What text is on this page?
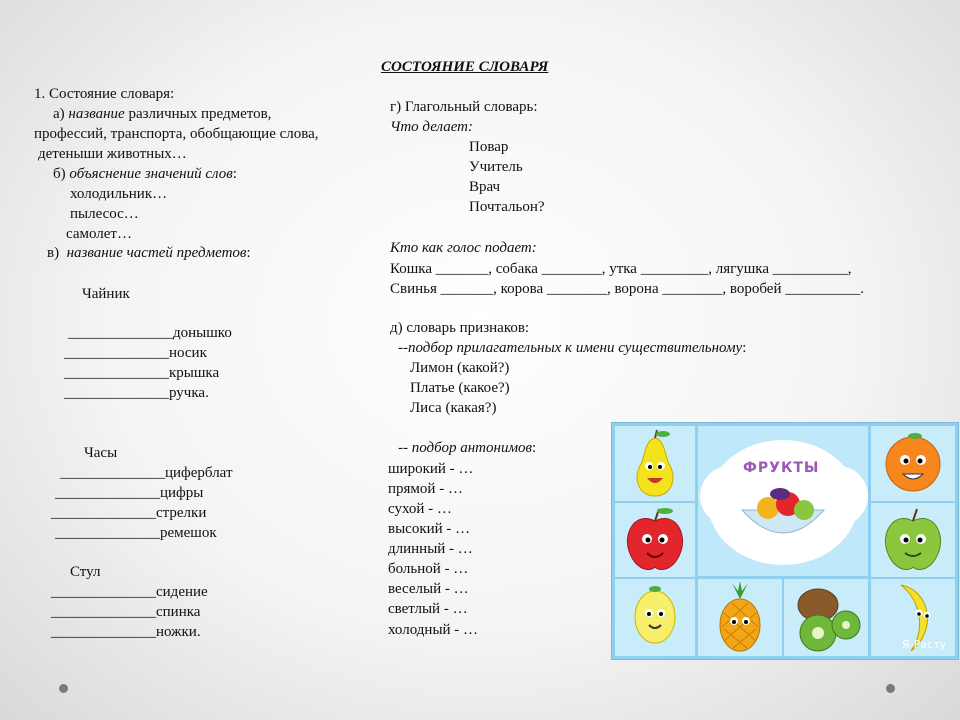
СОСТОЯНИЕ СЛОВАРЯ
1. Состояние словаря:
а) название различных предметов,
профессий, транспорта, обобщающие слова,
детеныши животных…
б) объяснение значений слов:
холодильник…
пылесос…
самолет…
в)  название частей предметов:
Чайник
______________донышко
______________носик
______________крышка
______________ручка.
Часы
______________циферблат
______________цифры
______________стрелки
______________ремешок
Стул
______________сидение
______________спинка
______________ножки.
г) Глагольный словарь:
Что делает:
Повар
Учитель
Врач
Почтальон?
Кто как голос подает:
Кошка _______, собака ________, утка _________, лягушка __________,
Свинья _______, корова ________, ворона ________, воробей __________.
д) словарь признаков:
--подбор прилагательных к имени существительному:
Лимон (какой?)
Платье (какое?)
Лиса (какая?)
-- подбор антонимов:
широкий - …
прямой - …
сухой - …
высокий - …
длинный - …
больной - …
веселый - …
светлый - …
холодный - …
ФРУКТЫ
Я-Расту
